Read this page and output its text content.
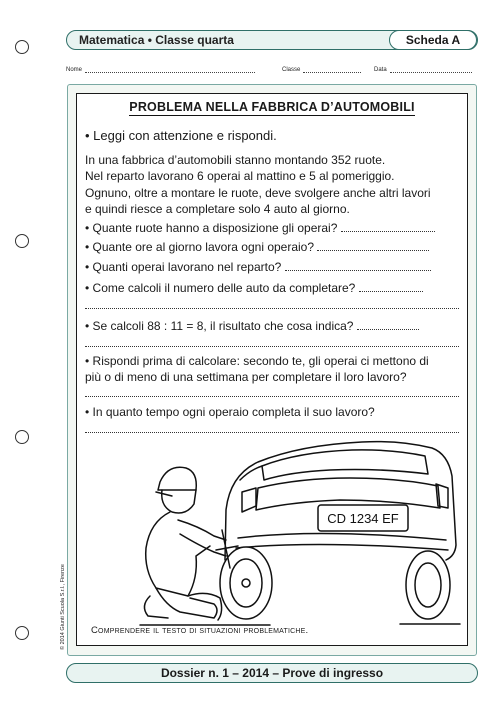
Matematica • Classe quarta	Scheda A
Nome	Classe	Data
PROBLEMA NELLA FABBRICA D’AUTOMOBILI
• Leggi con attenzione e rispondi.
In una fabbrica d’automobili stanno montando 352 ruote.
Nel reparto lavorano 6 operai al mattino e 5 al pomeriggio.
Ognuno, oltre a montare le ruote, deve svolgere anche altri lavori
e quindi riesce a completare solo 4 auto al giorno.
• Quante ruote hanno a disposizione gli operai?
• Quante ore al giorno lavora ogni operaio?
• Quanti operai lavorano nel reparto?
• Come calcoli il numero delle auto da completare?
• Se calcoli 88 : 11 = 8, il risultato che cosa indica?
• Rispondi prima di calcolare: secondo te, gli operai ci mettono di
più o di meno di una settimana per completare il loro lavoro?
• In quanto tempo ogni operaio completa il suo lavoro?
Comprendere il testo di situazioni problematiche.
CD 1234 EF
© 2014 Giunti Scuola S.r.l., Firenze
Dossier n. 1 – 2014 – Prove di ingresso
